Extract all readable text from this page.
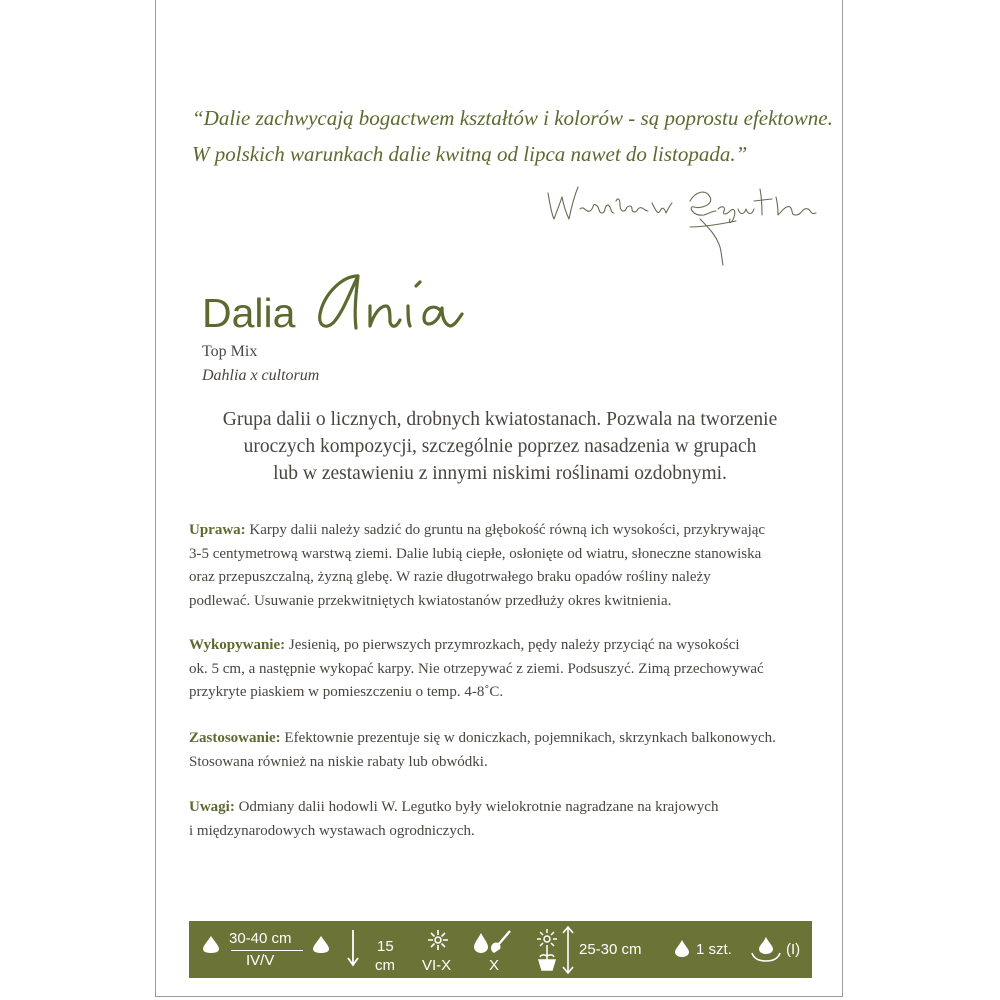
“Dalie zachwycają bogactwem kształtów i kolorów - są poprostu efektowne.
W polskich warunkach dalie kwitną od lipca nawet do listopada.”
Dalia
Top Mix
Dahlia x cultorum
Grupa dalii o licznych, drobnych kwiatostanach. Pozwala na tworzenie
uroczych kompozycji, szczególnie poprzez nasadzenia w grupach
lub w zestawieniu z innymi niskimi roślinami ozdobnymi.
Uprawa: Karpy dalii należy sadzić do gruntu na głębokość równą ich wysokości, przykrywając
3-5 centymetrową warstwą ziemi. Dalie lubią ciepłe, osłonięte od wiatru, słoneczne stanowiska
oraz przepuszczalną, żyzną glebę. W razie długotrwałego braku opadów rośliny należy
podlewać. Usuwanie przekwitniętych kwiatostanów przedłuży okres kwitnienia.
Wykopywanie: Jesienią, po pierwszych przymrozkach, pędy należy przyciąć na wysokości
ok. 5 cm, a następnie wykopać karpy. Nie otrzepywać z ziemi. Podsuszyć. Zimą przechowywać
przykryte piaskiem w pomieszczeniu o temp. 4-8˚C.
Zastosowanie: Efektownie prezentuje się w doniczkach, pojemnikach, skrzynkach balkonowych.
Stosowana również na niskie rabaty lub obwódki.
Uwagi: Odmiany dalii hodowli W. Legutko były wielokrotnie nagradzane na krajowych
i międzynarodowych wystawach ogrodniczych.
30-40 cm
IV/V
15
cm VI-X	X
25-30 cm	1 szt.	(I)
